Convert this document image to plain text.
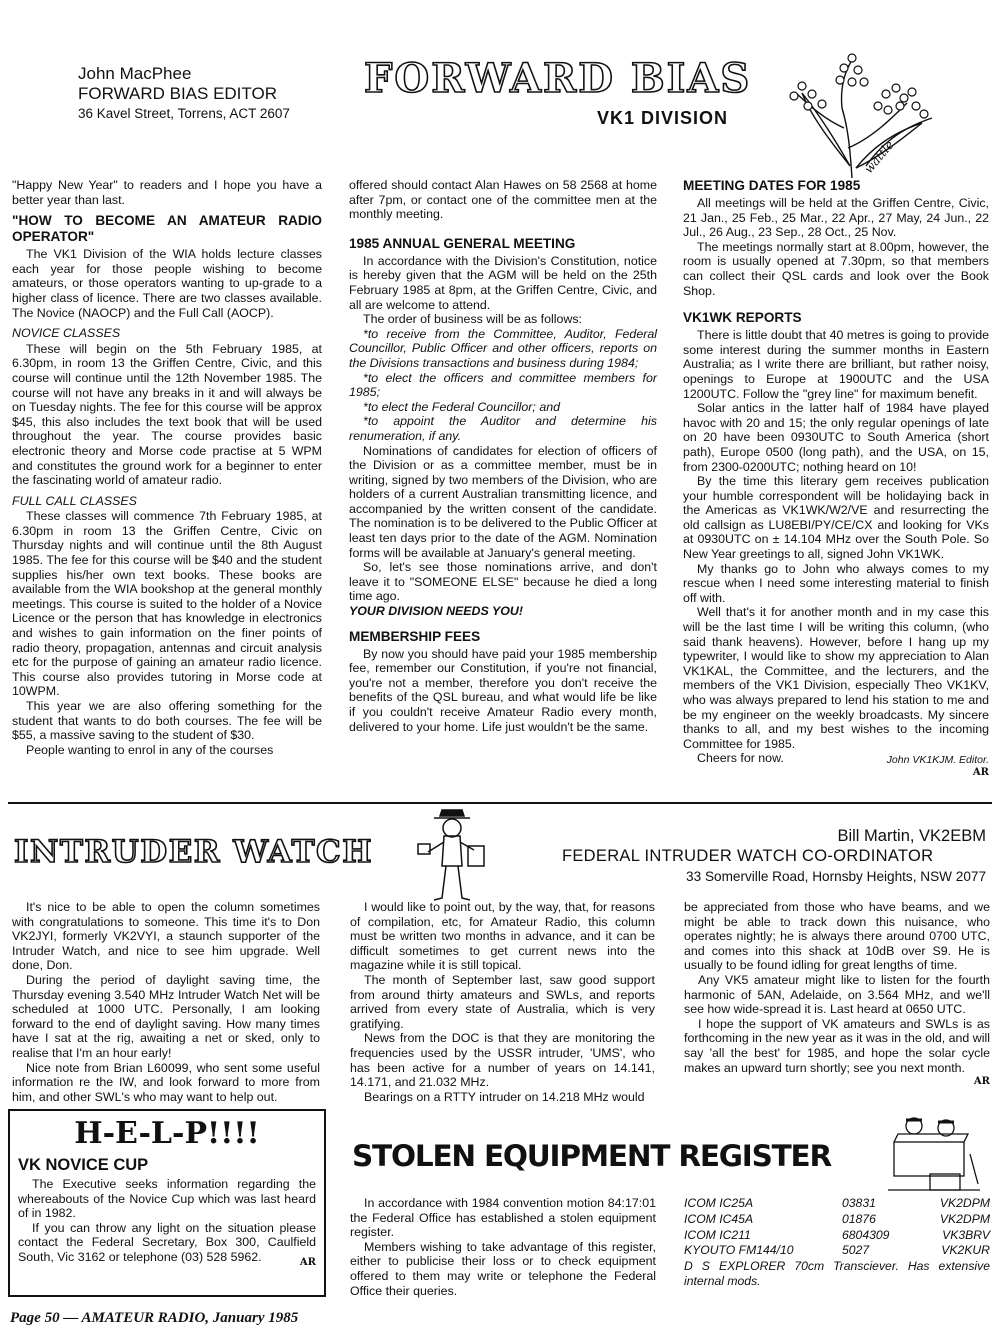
John MacPhee
FORWARD BIAS EDITOR
36 Kavel Street, Torrens, ACT 2607
FORWARD BIAS
VK1 DIVISION
wattle

"Happy New Year" to readers and I hope you have a better year than last.

"HOW TO BECOME AN AMATEUR RADIO OPERATOR"

The VK1 Division of the WIA holds lecture classes each year for those people wishing to become amateurs, or those operators wanting to up-grade to a higher class of licence. There are two classes available. The Novice (NAOCP) and the Full Call (AOCP).

NOVICE CLASSES

These will begin on the 5th February 1985, at 6.30pm, in room 13 the Griffen Centre, Civic, and this course will continue until the 12th November 1985. The course will not have any breaks in it and will always be on Tuesday nights. The fee for this course will be approx $45, this also includes the text book that will be used throughout the year. The course provides basic electronic theory and Morse code practise at 5 WPM and constitutes the ground work for a beginner to enter the fascinating world of amateur radio.

FULL CALL CLASSES

These classes will commence 7th February 1985, at 6.30pm in room 13 the Griffen Centre, Civic on Thursday nights and will continue until the 8th August 1985. The fee for this course will be $40 and the student supplies his/her own text books. These books are available from the WIA bookshop at the general monthly meetings. This course is suited to the holder of a Novice Licence or the person that has knowledge in electronics and wishes to gain information on the finer points of radio theory, propagation, antennas and circuit analysis etc for the purpose of gaining an amateur radio licence. This course also provides tutoring in Morse code at 10WPM.

This year we are also offering something for the student that wants to do both courses. The fee will be $55, a massive saving to the student of $30.

People wanting to enrol in any of the courses

offered should contact Alan Hawes on 58 2568 at home after 7pm, or contact one of the committee men at the monthly meeting.

1985 ANNUAL GENERAL MEETING

In accordance with the Division's Constitution, notice is hereby given that the AGM will be held on the 25th February 1985 at 8pm, at the Griffen Centre, Civic, and all are welcome to attend.

The order of business will be as follows:

*to receive from the Committee, Auditor, Federal Councillor, Public Officer and other officers, reports on the Divisions transactions and business during 1984;

*to elect the officers and committee members for 1985;

*to elect the Federal Councillor; and

*to appoint the Auditor and determine his renumeration, if any.

Nominations of candidates for election of officers of the Division or as a committee member, must be in writing, signed by two members of the Division, who are holders of a current Australian transmitting licence, and accompanied by the written consent of the candidate. The nomination is to be delivered to the Public Officer at least ten days prior to the date of the AGM. Nomination forms will be available at January's general meeting.

So, let's see those nominations arrive, and don't leave it to "SOMEONE ELSE" because he died a long time ago.

YOUR DIVISION NEEDS YOU!

MEMBERSHIP FEES

By now you should have paid your 1985 membership fee, remember our Constitution, if you're not financial, you're not a member, therefore you don't receive the benefits of the QSL bureau, and what would life be like if you couldn't receive Amateur Radio every month, delivered to your home. Life just wouldn't be the same.

MEETING DATES FOR 1985

All meetings will be held at the Griffen Centre, Civic, 21 Jan., 25 Feb., 25 Mar., 22 Apr., 27 May, 24 Jun., 22 Jul., 26 Aug., 23 Sep., 28 Oct., 25 Nov.

The meetings normally start at 8.00pm, however, the room is usually opened at 7.30pm, so that members can collect their QSL cards and look over the Book Shop.

VK1WK REPORTS

There is little doubt that 40 metres is going to provide some interest during the summer months in Eastern Australia; as I write there are brilliant, but rather noisy, openings to Europe at 1900UTC and the USA 1200UTC. Follow the "grey line" for maximum benefit.

Solar antics in the latter half of 1984 have played havoc with 20 and 15; the only regular openings of late on 20 have been 0930UTC to South America (short path), Europe 0500 (long path), and the USA, on 15, from 2300-0200UTC; nothing heard on 10!

By the time this literary gem receives publication your humble correspondent will be holidaying back in the Americas as VK1WK/W2/VE and resurrecting the old callsign as LU8EBI/PY/CE/CX and looking for VKs at 0930UTC on ± 14.104 MHz over the South Pole. So New Year greetings to all, signed John VK1WK.

My thanks go to John who always comes to my rescue when I need some interesting material to finish off with.

Well that's it for another month and in my case this will be the last time I will be writing this column, (who said thank heavens). However, before I hang up my typewriter, I would like to show my appreciation to Alan VK1KAL, the Committee, and the lecturers, and the members of the VK1 Division, especially Theo VK1KV, who was always prepared to lend his station to me and be my engineer on the weekly broadcasts. My sincere thanks to all, and my best wishes to the incoming Committee for 1985.

Cheers for now.	John VK1KJM. Editor.
AR
INTRUDER WATCH	Bill Martin, VK2EBM
FEDERAL INTRUDER WATCH CO-ORDINATOR
33 Somerville Road, Hornsby Heights, NSW 2077

It's nice to be able to open the column sometimes with congratulations to someone. This time it's to Don VK2JYI, formerly VK2VYI, a staunch supporter of the Intruder Watch, and nice to see him upgrade. Well done, Don.

During the period of daylight saving time, the Thursday evening 3.540 MHz Intruder Watch Net will be scheduled at 1000 UTC. Personally, I am looking forward to the end of daylight saving. How many times have I sat at the rig, awaiting a net or sked, only to realise that I'm an hour early!

Nice note from Brian L60099, who sent some useful information re the IW, and look forward to more from him, and other SWL's who may want to help out.

I would like to point out, by the way, that, for reasons of compilation, etc, for Amateur Radio, this column must be written two months in advance, and it can be difficult sometimes to get current news into the magazine while it is still topical.

The month of September last, saw good support from around thirty amateurs and SWLs, and reports arrived from every state of Australia, which is very gratifying.

News from the DOC is that they are monitoring the frequencies used by the USSR intruder, 'UMS', who has been active for a number of years on 14.141, 14.171, and 21.032 MHz.

Bearings on a RTTY intruder on 14.218 MHz would

be appreciated from those who have beams, and we might be able to track down this nuisance, who operates nightly; he is always there around 0700 UTC, and comes into this shack at 10dB over S9. He is usually to be found idling for great lengths of time.

Any VK5 amateur might like to listen for the fourth harmonic of 5AN, Adelaide, on 3.564 MHz, and we'll see how wide-spread it is. Last heard at 0650 UTC.

I hope the support of VK amateurs and SWLs is as forthcoming in the new year as it was in the old, and will say 'all the best' for 1985, and hope the solar cycle makes an upward turn shortly; see you next month.

AR
H-E-L-P!!!!
VK NOVICE CUP

The Executive seeks information regarding the whereabouts of the Novice Cup which was last heard of in 1982.

If you can throw any light on the situation please contact the Federal Secretary, Box 300, Caulfield South, Vic 3162 or telephone (03) 528 5962.	AR
STOLEN EQUIPMENT REGISTER

In accordance with 1984 convention motion 84:17:01 the Federal Office has established a stolen equipment register.

Members wishing to take advantage of this register, either to publicise their loss or to check equipment offered to them may write or telephone the Federal Office their queries.

ICOM IC25A	03831	VK2DPM
ICOM IC45A	01876	VK2DPM
ICOM IC211	6804309	VK3BRV
KYOUTO FM144/10	5027	VK2KUR
D S EXPLORER 70cm Transciever. Has extensive internal mods.
Page 50 — AMATEUR RADIO, January 1985
